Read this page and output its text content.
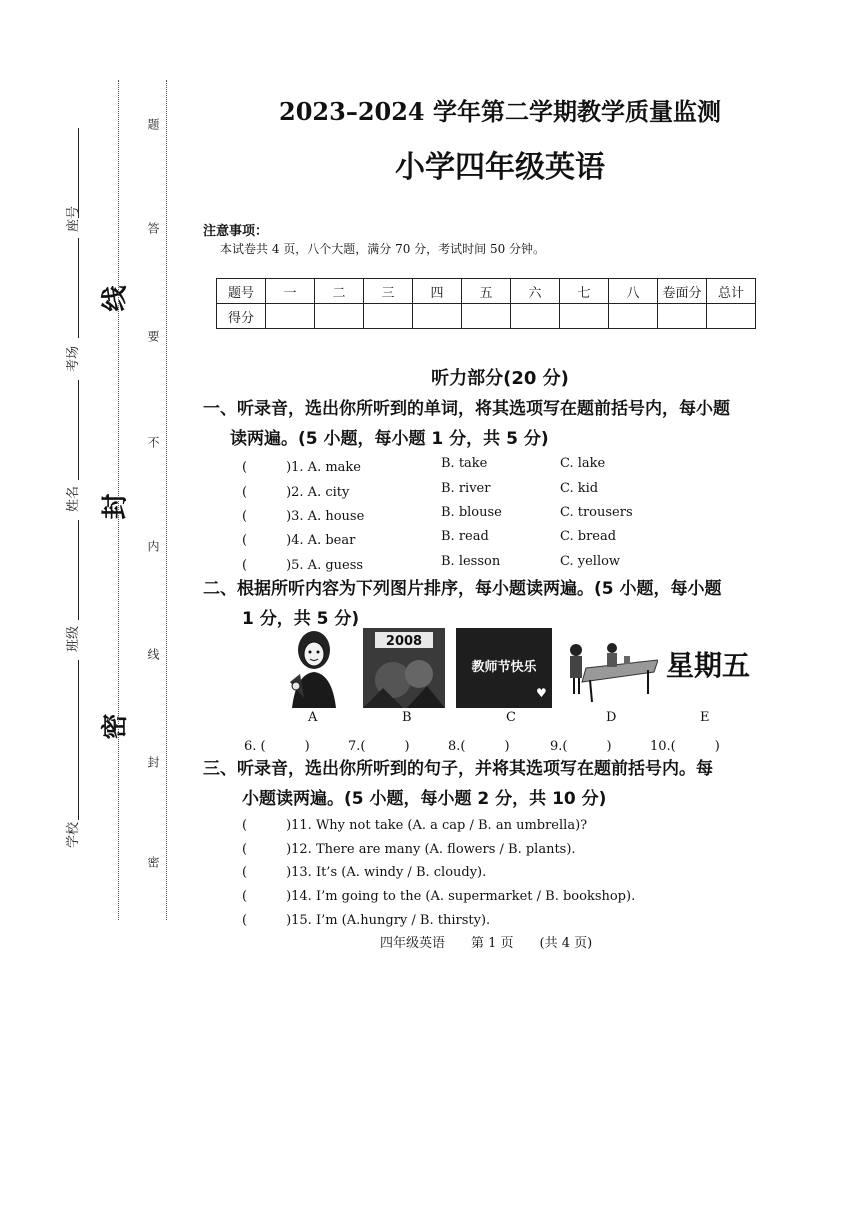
座号
考场
姓名
班级
学校
线
封
密
题
答
要
不
内
线
封
密
2023–2024 学年第二学期教学质量监测
小学四年级英语
注意事项：
本试卷共 4 页，八个大题，满分 70 分，考试时间 50 分钟。
题号	一	二	三	四	五	六	七	八	卷面分	总计
得分										
听力部分(20 分)
一、听录音，选出你所听到的单词，将其选项写在题前括号内，每小题
读两遍。(5 小题，每小题 1 分，共 5 分)
(　　　)1. A. make	B. take	C. lake
(　　　)2. A. city	B. river	C. kid
(　　　)3. A. house	B. blouse	C. trousers
(　　　)4. A. bear	B. read	C. bread
(　　　)5. A. guess	B. lesson	C. yellow
二、根据所听内容为下列图片排序，每小题读两遍。(5 小题，每小题
1 分，共 5 分)
2008
教师节快乐
♥
星期五
A	B	C	D	E
6. (　　　)	7.(　　　)	8.(　　　)	9.(　　　)	10.(　　　)
三、听录音，选出你所听到的句子，并将其选项写在题前括号内。每
小题读两遍。(5 小题，每小题 2 分，共 10 分)
(　　　)11. Why not take (A. a cap / B. an umbrella)?
(　　　)12. There are many (A. flowers / B. plants).
(　　　)13. It’s (A. windy / B. cloudy).
(　　　)14. I’m going to the (A. supermarket / B. bookshop).
(　　　)15. I’m (A.hungry / B. thirsty).
四年级英语　　第 1 页　　(共 4 页)
